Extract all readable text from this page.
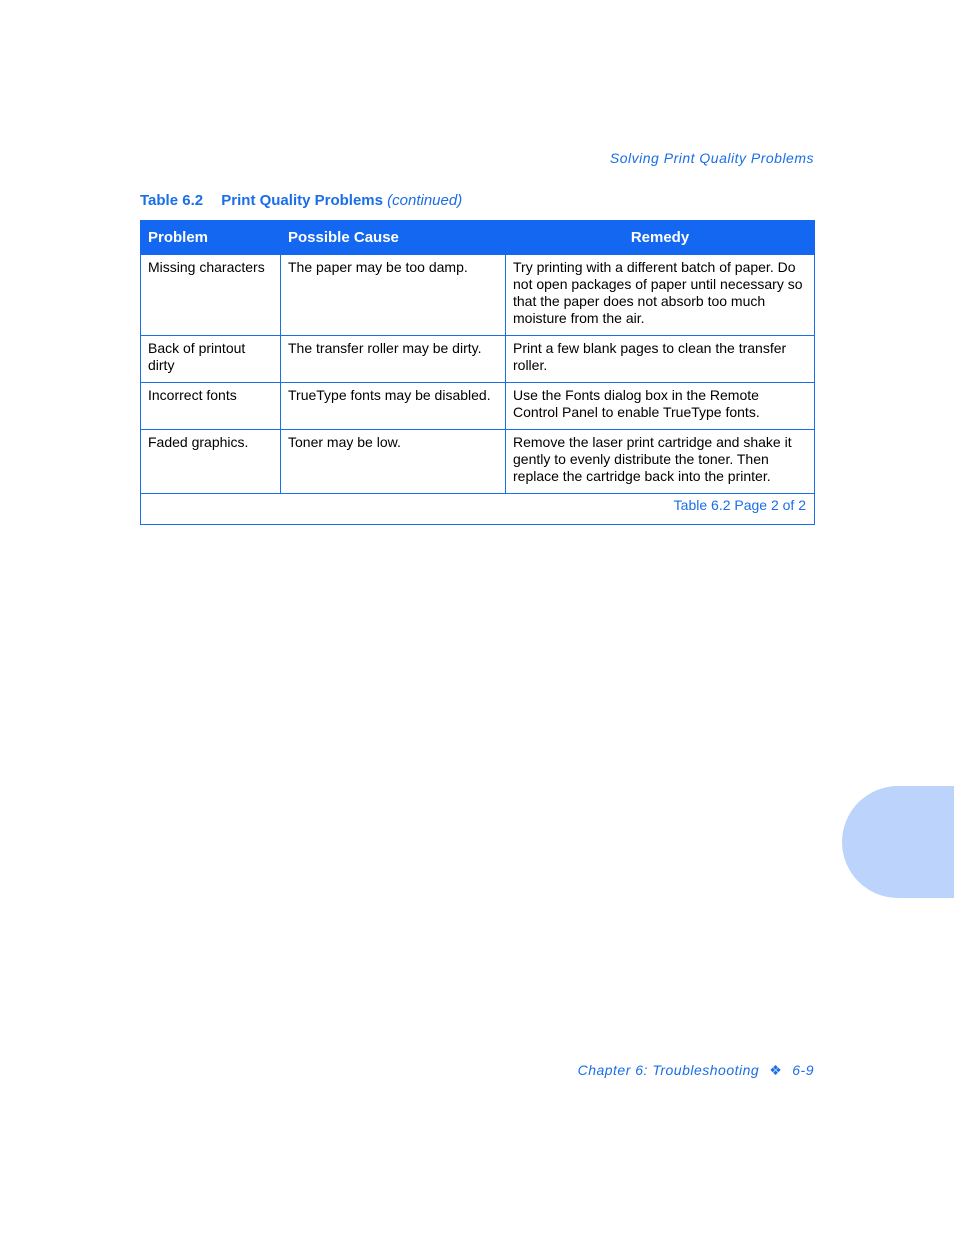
Solving Print Quality Problems
Table 6.2 Print Quality Problems (continued)
Problem	Possible Cause	Remedy
Missing characters	The paper may be too damp.	Try printing with a different batch of paper. Do not open packages of paper until necessary so that the paper does not absorb too much moisture from the air.
Back of printout dirty	The transfer roller may be dirty.	Print a few blank pages to clean the transfer roller.
Incorrect fonts	TrueType fonts may be disabled.	Use the Fonts dialog box in the Remote Control Panel to enable TrueType fonts.
Faded graphics.	Toner may be low.	Remove the laser print cartridge and shake it gently to evenly distribute the toner. Then replace the cartridge back into the printer.
Table 6.2 Page 2 of 2		
Chapter 6: Troubleshooting ❖ 6-9
